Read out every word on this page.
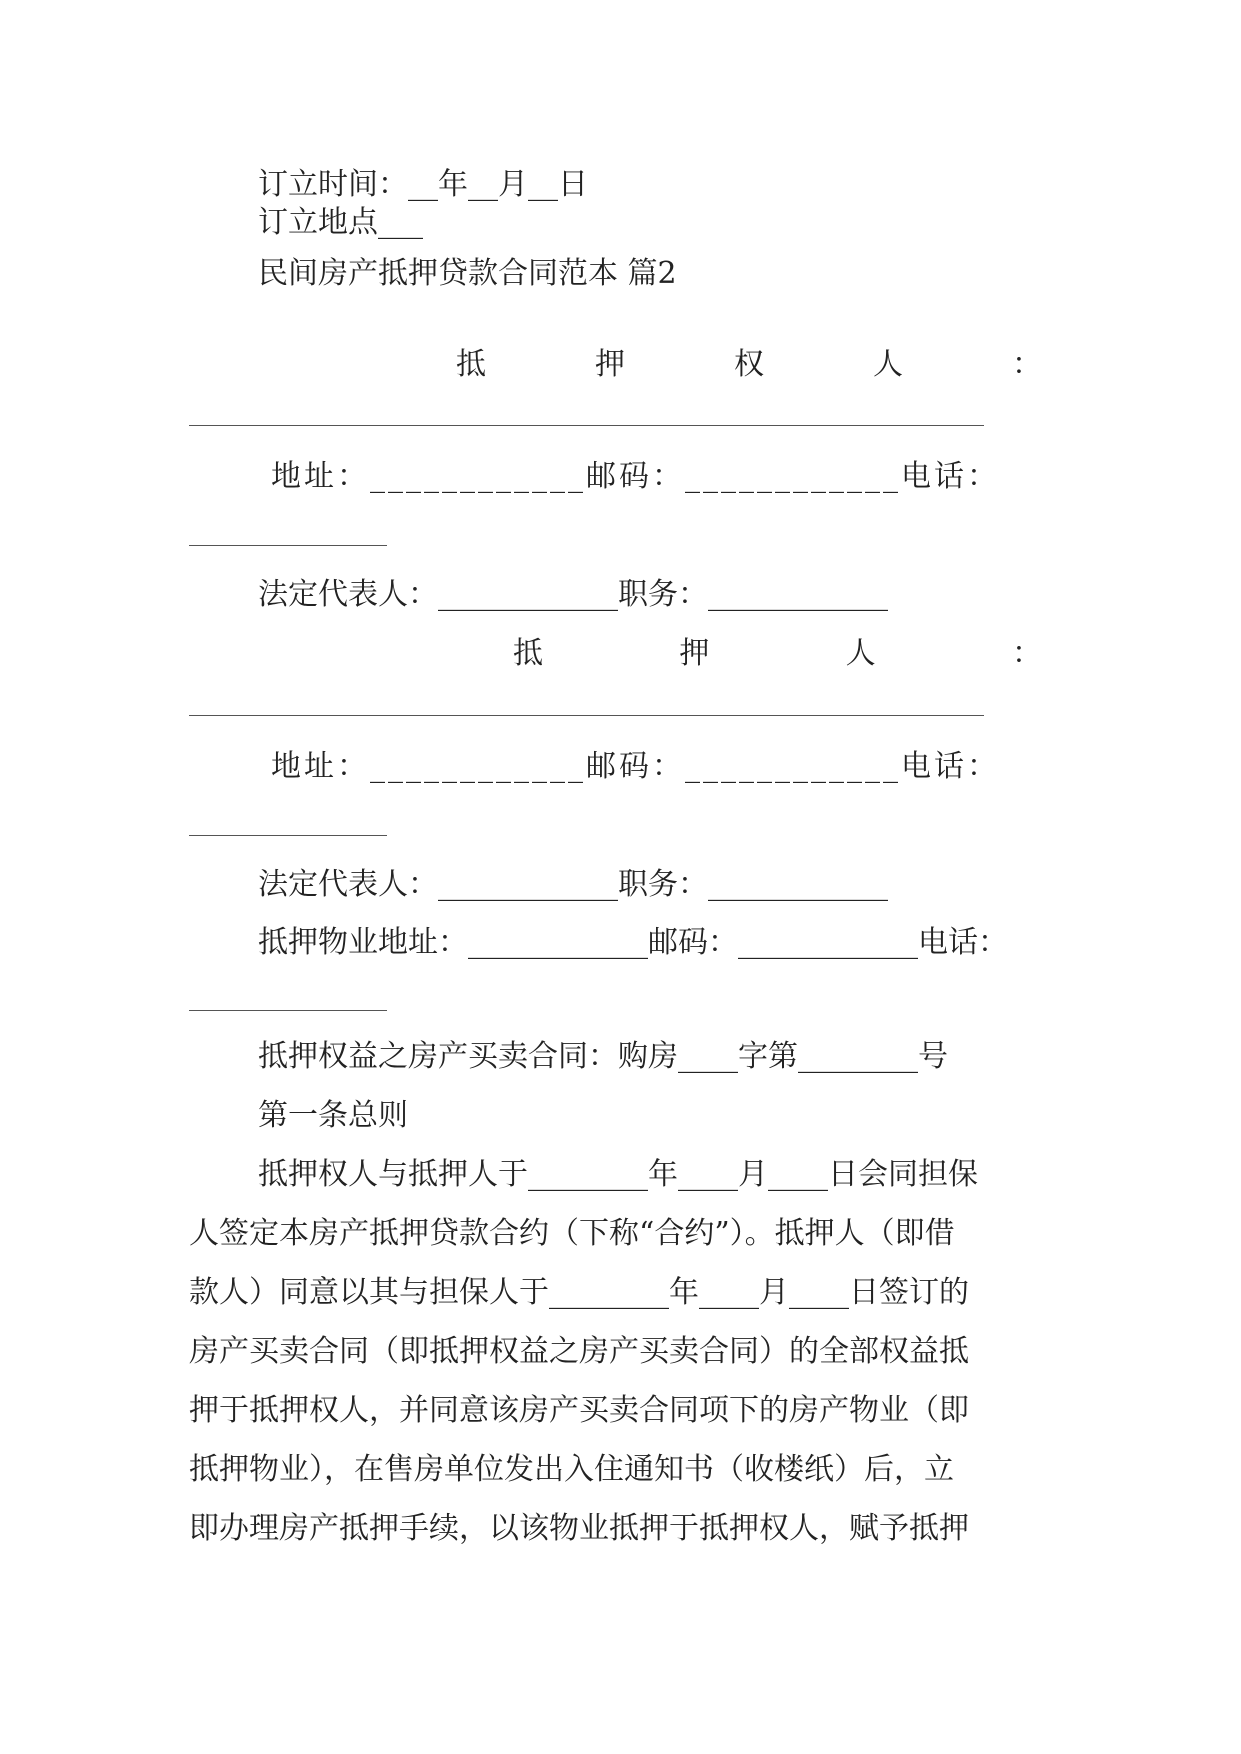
订立时间：__年__月__日
订立地点___
民间房产抵押贷款合同范本 篇2
抵	押	权	人	：
地址：____________邮码：____________电话：
法定代表人：____________职务：____________
抵	押	人	：
地址：____________邮码：____________电话：
法定代表人：____________职务：____________
抵押物业地址：____________邮码：____________电话：
抵押权益之房产买卖合同：购房____字第________号
第一条总则
抵押权人与抵押人于________年____月____日会同担保
人签定本房产抵押贷款合约（下称“合约”）。抵押人（即借
款人）同意以其与担保人于________年____月____日签订的
房产买卖合同（即抵押权益之房产买卖合同）的全部权益抵
押于抵押权人，并同意该房产买卖合同项下的房产物业（即
抵押物业），在售房单位发出入住通知书（收楼纸）后，立
即办理房产抵押手续，以该物业抵押于抵押权人，赋予抵押
